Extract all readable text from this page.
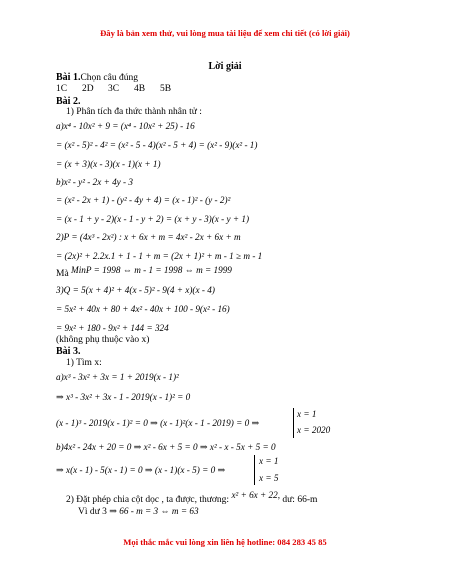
Đây là bản xem thử, vui lòng mua tài liệu để xem chi tiết (có lời giải)
Lời giải
Bài 1.Chọn câu đúng
1C 2D 3C 4B 5B
Bài 2.
1) Phân tích đa thức thành nhân tử :
a)x⁴ - 10x² + 9 = (x⁴ - 10x² + 25) - 16
= (x² - 5)² - 4² = (x² - 5 - 4)(x² - 5 + 4) = (x² - 9)(x² - 1)
= (x + 3)(x - 3)(x - 1)(x + 1)
b)x² - y² - 2x + 4y - 3
= (x² - 2x + 1) - (y² - 4y + 4) = (x - 1)² - (y - 2)²
= (x - 1 + y - 2)(x - 1 - y + 2) = (x + y - 3)(x - y + 1)
2)P = (4x³ - 2x²) : x + 6x + m = 4x² - 2x + 6x + m
= (2x)² + 2.2x.1 + 1 - 1 + m = (2x + 1)² + m - 1 ≥ m - 1
Mà MinP = 1998 ⇔ m - 1 = 1998 ⇔ m = 1999
3)Q = 5(x + 4)² + 4(x - 5)² - 9(4 + x)(x - 4)
= 5x² + 40x + 80 + 4x² - 40x + 100 - 9(x² - 16)
= 9x² + 180 - 9x² + 144 = 324
(không phụ thuộc vào x)
Bài 3.
1) Tìm x:
a)x³ - 3x² + 3x = 1 + 2019(x - 1)²
⇒ x³ - 3x² + 3x - 1 - 2019(x - 1)² = 0
(x - 1)³ - 2019(x - 1)² = 0 ⇒ (x - 1)²(x - 1 - 2019) = 0 ⇒
x = 1
x = 2020
b)4x² - 24x + 20 = 0 ⇒ x² - 6x + 5 = 0 ⇒ x² - x - 5x + 5 = 0
⇒ x(x - 1) - 5(x - 1) = 0 ⇒ (x - 1)(x - 5) = 0 ⇒
x = 1
x = 5
2) Đặt phép chia cột dọc , ta được, thương: x² + 6x + 22, dư: 66-m
Vì dư 3 ⇒ 66 - m = 3 ⇔ m = 63
Mọi thắc mắc vui lòng xin liên hệ hotline: 084 283 45 85
